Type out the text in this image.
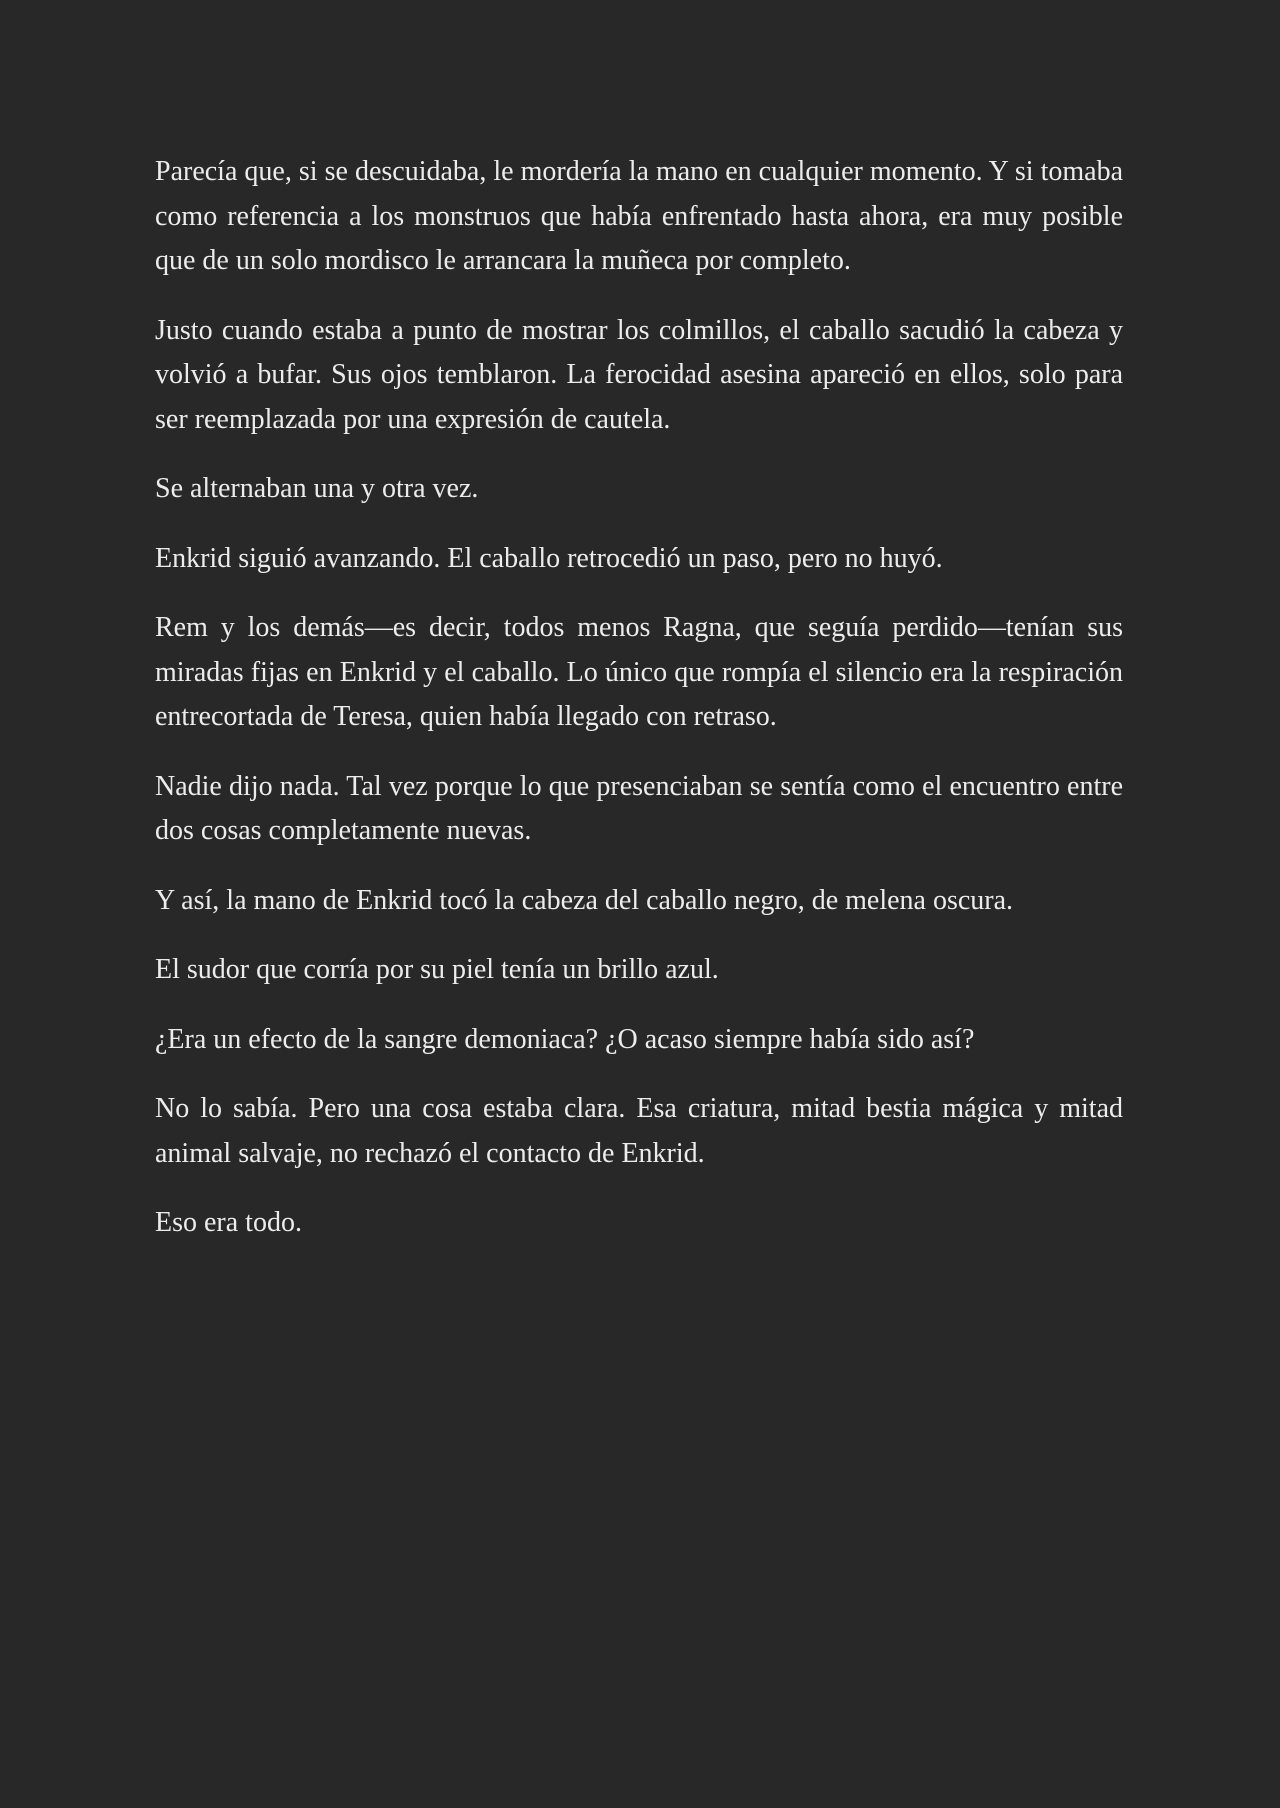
Parecía que, si se descuidaba, le mordería la mano en cualquier momento. Y si tomaba como referencia a los monstruos que había enfrentado hasta ahora, era muy posible que de un solo mordisco le arrancara la muñeca por completo.

Justo cuando estaba a punto de mostrar los colmillos, el caballo sacudió la cabeza y volvió a bufar. Sus ojos temblaron. La ferocidad asesina apareció en ellos, solo para ser reemplazada por una expresión de cautela.

Se alternaban una y otra vez.

Enkrid siguió avanzando. El caballo retrocedió un paso, pero no huyó.

Rem y los demás—es decir, todos menos Ragna, que seguía perdido—tenían sus miradas fijas en Enkrid y el caballo. Lo único que rompía el silencio era la respiración entrecortada de Teresa, quien había llegado con retraso.

Nadie dijo nada. Tal vez porque lo que presenciaban se sentía como el encuentro entre dos cosas completamente nuevas.

Y así, la mano de Enkrid tocó la cabeza del caballo negro, de melena oscura.

El sudor que corría por su piel tenía un brillo azul.

¿Era un efecto de la sangre demoniaca? ¿O acaso siempre había sido así?

No lo sabía. Pero una cosa estaba clara. Esa criatura, mitad bestia mágica y mitad animal salvaje, no rechazó el contacto de Enkrid.

Eso era todo.
